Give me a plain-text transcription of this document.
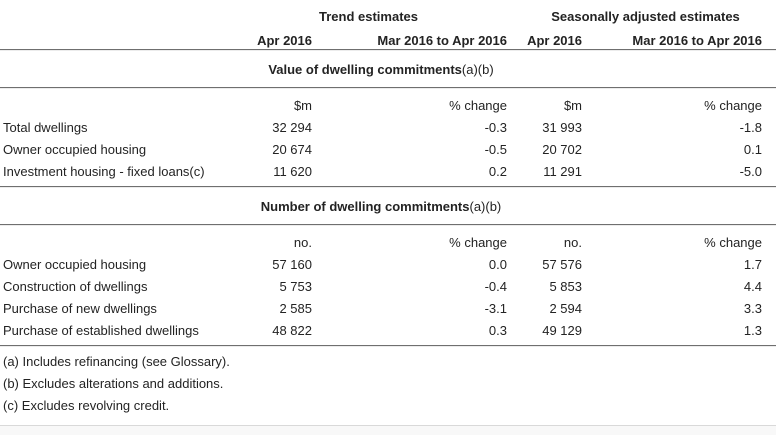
Trend estimates	Seasonally adjusted estimates
Apr 2016	Mar 2016 to Apr 2016	Apr 2016	Mar 2016 to Apr 2016
Value of dwelling commitments(a)(b)
$m	% change	$m	% change
Total dwellings	32 294	-0.3	31 993	-1.8
Owner occupied housing	20 674	-0.5	20 702	0.1
Investment housing - fixed loans(c)	11 620	0.2	11 291	-5.0
Number of dwelling commitments(a)(b)
no.	% change	no.	% change
Owner occupied housing	57 160	0.0	57 576	1.7
Construction of dwellings	5 753	-0.4	5 853	4.4
Purchase of new dwellings	2 585	-3.1	2 594	3.3
Purchase of established dwellings	48 822	0.3	49 129	1.3
(a) Includes refinancing (see Glossary).
(b) Excludes alterations and additions.
(c) Excludes revolving credit.
